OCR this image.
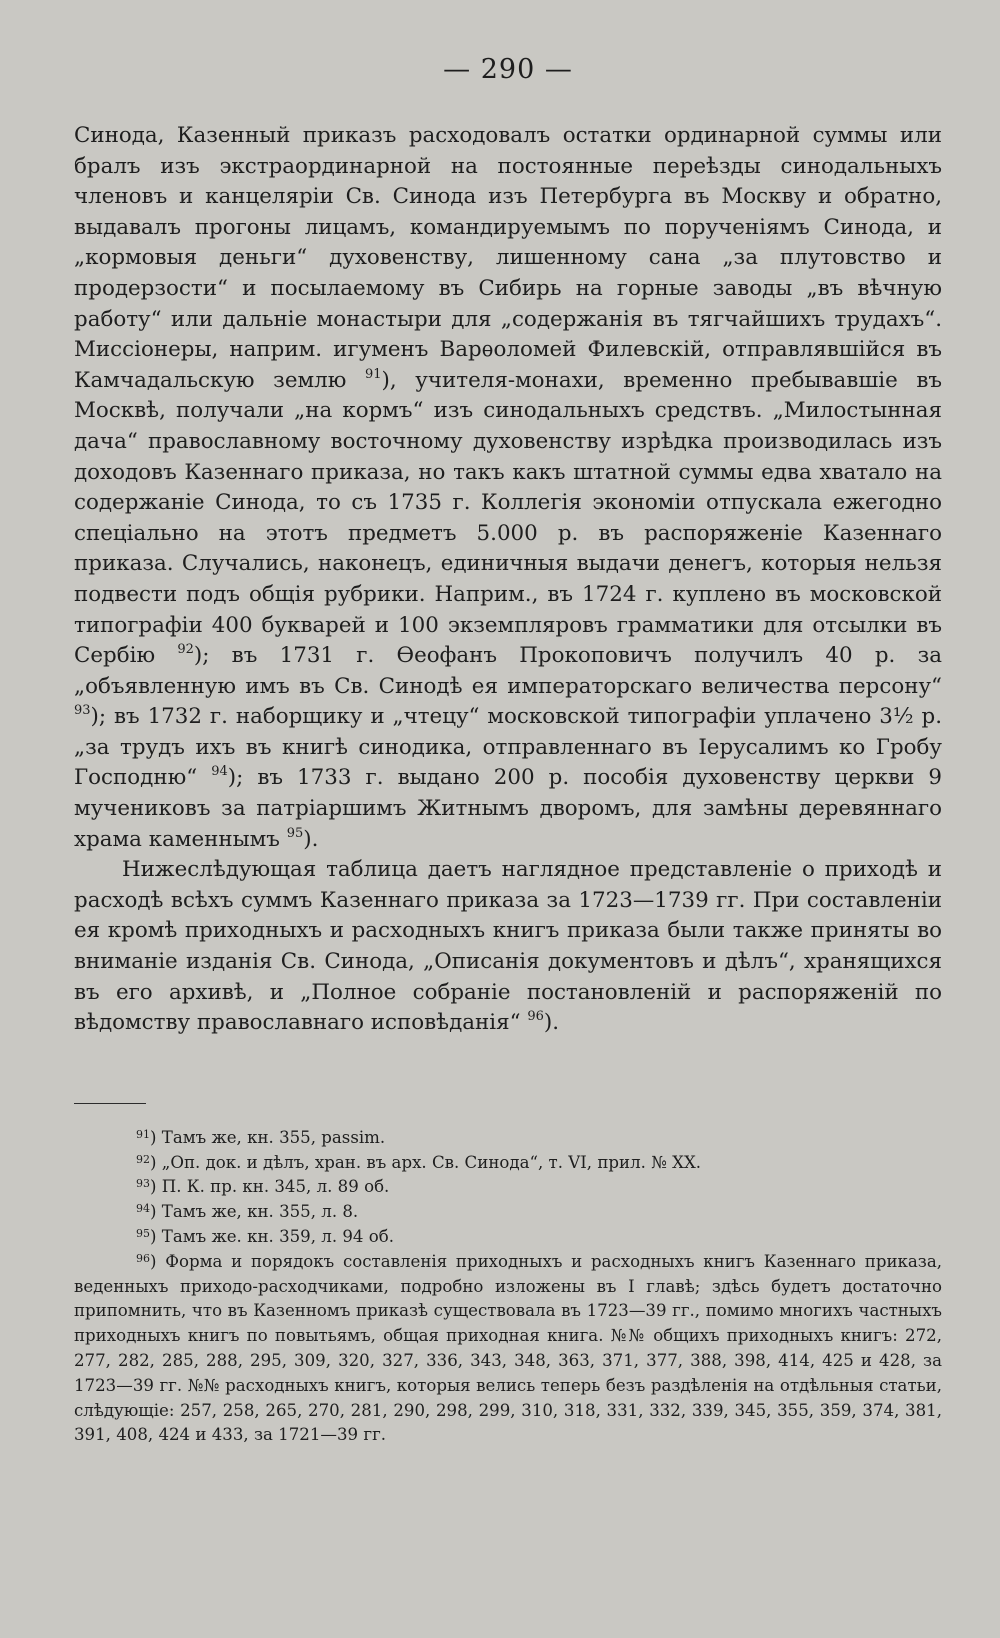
— 290 —

Синода, Казенный приказъ расходовалъ остатки ординарной суммы или бралъ изъ экстраординарной на постоянные переѣзды синодальныхъ членовъ и канцеляріи Св. Синода изъ Петербурга въ Москву и обратно, выдавалъ прогоны лицамъ, командируемымъ по порученіямъ Синода, и „кормовыя деньги“ духовенству, лишенному сана „за плутовство и продерзости“ и посылаемому въ Сибирь на горные заводы „въ вѣчную работу“ или дальніе монастыри для „содержанія въ тягчайшихъ трудахъ“. Миссіонеры, наприм. игуменъ Варѳоломей Филевскій, отправлявшійся въ Камчадальскую землю $^{91}$), учителя-монахи, временно пребывавшіе въ Москвѣ, получали „на кормъ“ изъ синодальныхъ средствъ. „Милостынная дача“ православному восточному духовенству изрѣдка производилась изъ доходовъ Казеннаго приказа, но такъ какъ штатной суммы едва хватало на содержаніе Синода, то съ 1735 г. Коллегія экономіи отпускала ежегодно спеціально на этотъ предметъ 5.000 р. въ распоряженіе Казеннаго приказа. Случались, наконецъ, единичныя выдачи денегъ, которыя нельзя подвести подъ общія рубрики. Наприм., въ 1724 г. куплено въ московской типографіи 400 букварей и 100 экземпляровъ грамматики для отсылки въ Сербію $^{92}$); въ 1731 г. Ѳеофанъ Прокоповичъ получилъ 40 р. за „объявленную имъ въ Св. Синодѣ ея императорскаго величества персону“ $^{93}$); въ 1732 г. наборщику и „чтецу“ московской типографіи уплачено 3½ р. „за трудъ ихъ въ книгѣ синодика, отправленнаго въ Іерусалимъ ко Гробу Господню“ $^{94}$); въ 1733 г. выдано 200 р. пособія духовенству церкви 9 мучениковъ за патріаршимъ Житнымъ дворомъ, для замѣны деревяннаго храма каменнымъ $^{95}$).

Нижеслѣдующая таблица даетъ наглядное представленіе о приходѣ и расходѣ всѣхъ суммъ Казеннаго приказа за 1723—1739 гг. При составленіи ея кромѣ приходныхъ и расходныхъ книгъ приказа были также приняты во вниманіе изданія Св. Синода, „Описанія документовъ и дѣлъ“, хранящихся въ его архивѣ, и „Полное собраніе постановленій и распоряженій по вѣдомству православнаго исповѣданія“ $^{96}$).

$^{91}$) Тамъ же, кн. 355, passim.

$^{92}$) „Оп. док. и дѣлъ, хран. въ арх. Св. Синода“, т. VI, прил. № XX.

$^{93}$) П. К. пр. кн. 345, л. 89 об.

$^{94}$) Тамъ же, кн. 355, л. 8.

$^{95}$) Тамъ же. кн. 359, л. 94 об.

$^{96}$) Форма и порядокъ составленія приходныхъ и расходныхъ книгъ Казеннаго приказа, веденныхъ приходо-расходчиками, подробно изложены въ I главѣ; здѣсь будетъ достаточно припомнить, что въ Казенномъ приказѣ существовала въ 1723—39 гг., помимо многихъ частныхъ приходныхъ книгъ по повытьямъ, общая приходная книга. №№ общихъ приходныхъ книгъ: 272, 277, 282, 285, 288, 295, 309, 320, 327, 336, 343, 348, 363, 371, 377, 388, 398, 414, 425 и 428, за 1723—39 гг. №№ расходныхъ книгъ, которыя велись теперь безъ раздѣленія на отдѣльныя статьи, слѣдующіе: 257, 258, 265, 270, 281, 290, 298, 299, 310, 318, 331, 332, 339, 345, 355, 359, 374, 381, 391, 408, 424 и 433, за 1721—39 гг.
